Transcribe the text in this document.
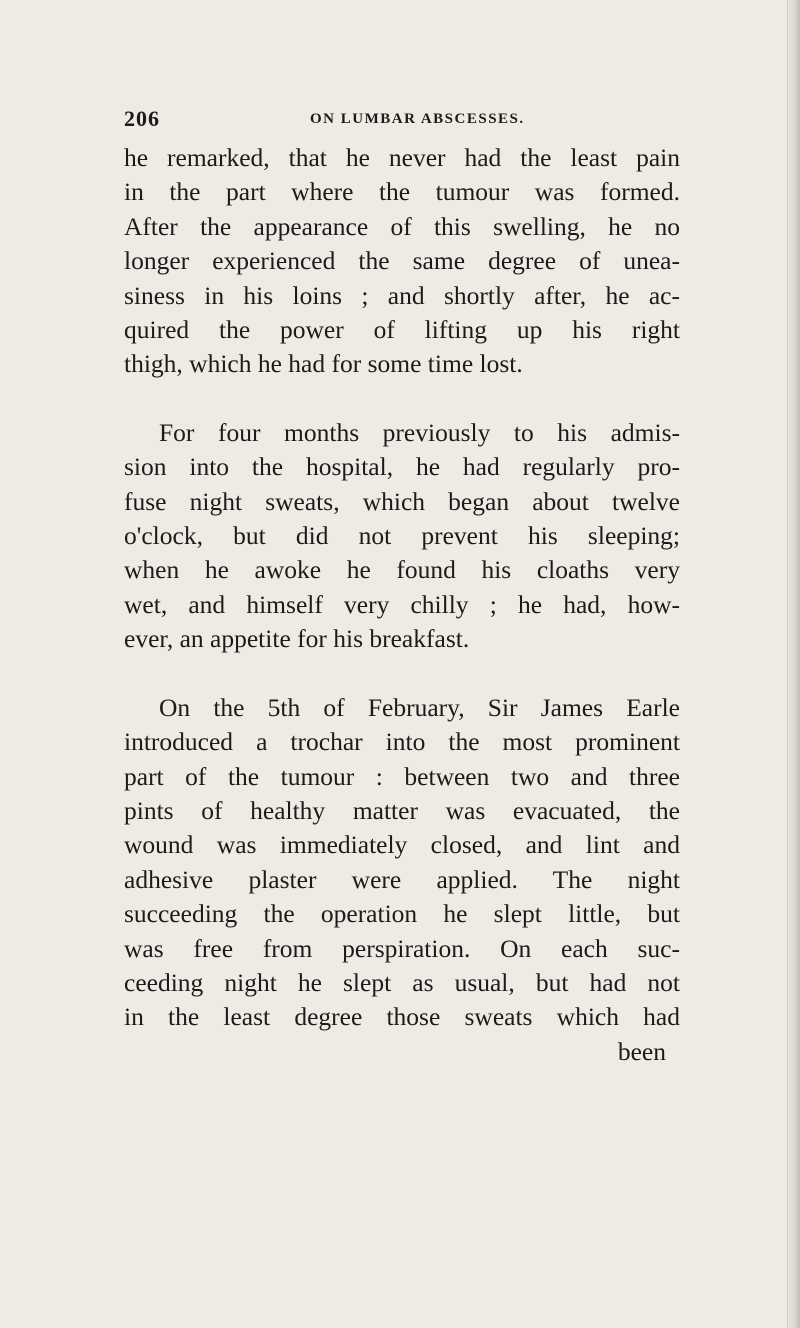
206	ON LUMBAR ABSCESSES.

he remarked, that he never had the least pain
in the part where the tumour was formed.
After the appearance of this swelling, he no
longer experienced the same degree of unea-
siness in his loins ; and shortly after, he ac-
quired the power of lifting up his right
thigh, which he had for some time lost.

For four months previously to his admis-
sion into the hospital, he had regularly pro-
fuse night sweats, which began about twelve
o'clock, but did not prevent his sleeping;
when he awoke he found his cloaths very
wet, and himself very chilly ; he had, how-
ever, an appetite for his breakfast.

On the 5th of February, Sir James Earle
introduced a trochar into the most prominent
part of the tumour : between two and three
pints of healthy matter was evacuated, the
wound was immediately closed, and lint and
adhesive plaster were applied. The night
succeeding the operation he slept little, but
was free from perspiration. On each suc-
ceeding night he slept as usual, but had not
in the least degree those sweats which had
been
